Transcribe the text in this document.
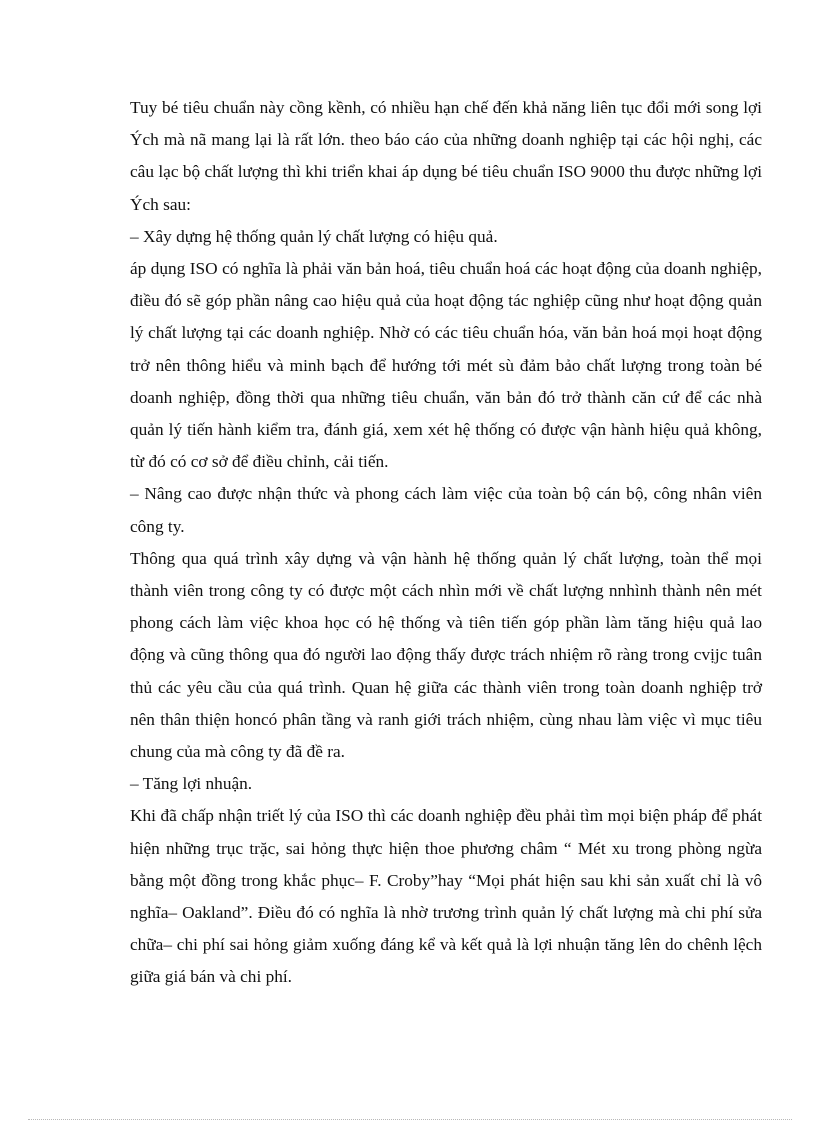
Tuy bé tiêu chuẩn này cồng kềnh, có nhiều hạn chế đến khả năng liên tục đổi mới song lợi Ých mà nã mang lại là rất lớn. theo báo cáo của những doanh nghiệp tại các hội nghị, các câu lạc bộ chất lượng thì khi triển khai áp dụng bé tiêu chuẩn ISO 9000 thu được những lợi Ých sau:

– Xây dựng hệ thống quản lý chất lượng có hiệu quả.

áp dụng ISO có nghĩa là phải văn bản hoá, tiêu chuẩn hoá các hoạt động của doanh nghiệp, điều đó sẽ góp phần nâng cao hiệu quả của hoạt động tác nghiệp cũng như hoạt động quản lý chất lượng tại các doanh nghiệp. Nhờ có các tiêu chuẩn hóa, văn bản hoá mọi hoạt động trở nên thông hiểu và minh bạch để hướng tới mét sù đảm bảo chất lượng trong toàn bé doanh nghiệp, đồng thời qua những tiêu chuẩn, văn bản đó trở thành căn cứ để các nhà quản lý tiến hành kiểm tra, đánh giá, xem xét hệ thống có được vận hành hiệu quả không, từ đó có cơ sở để điều chỉnh, cải tiến.

– Nâng cao được nhận thức và phong cách làm việc của toàn bộ cán bộ, công nhân viên công ty.

Thông qua quá trình xây dựng và vận hành hệ thống quản lý chất lượng, toàn thể mọi thành viên trong công ty có được một cách nhìn mới về chất lượng nnhình thành nên mét phong cách làm việc khoa học có hệ thống và tiên tiến góp phần làm tăng hiệu quả lao động và cũng thông qua đó người lao động thấy được trách nhiệm rõ ràng trong cvịjc tuân thủ các yêu cầu của quá trình. Quan hệ giữa các thành viên trong toàn doanh nghiệp trở nên thân thiện honcó phân tầng và ranh giới trách nhiệm, cùng nhau làm việc vì mục tiêu chung của mà công ty đã đề ra.

– Tăng lợi nhuận.

Khi đã chấp nhận triết lý của ISO thì các doanh nghiệp đều phải tìm mọi biện pháp để phát hiện những trục trặc, sai hỏng thực hiện thoe phương châm “ Mét xu trong phòng ngừa bằng một đồng trong khắc phục– F. Croby”hay “Mọi phát hiện sau khi sản xuất chỉ là vô nghĩa– Oakland”. Điều đó có nghĩa là nhờ trương trình quản lý chất lượng mà chi phí sửa chữa– chi phí sai hỏng giảm xuống đáng kể và kết quả là lợi nhuận tăng lên do chênh lệch giữa giá bán và chi phí.
